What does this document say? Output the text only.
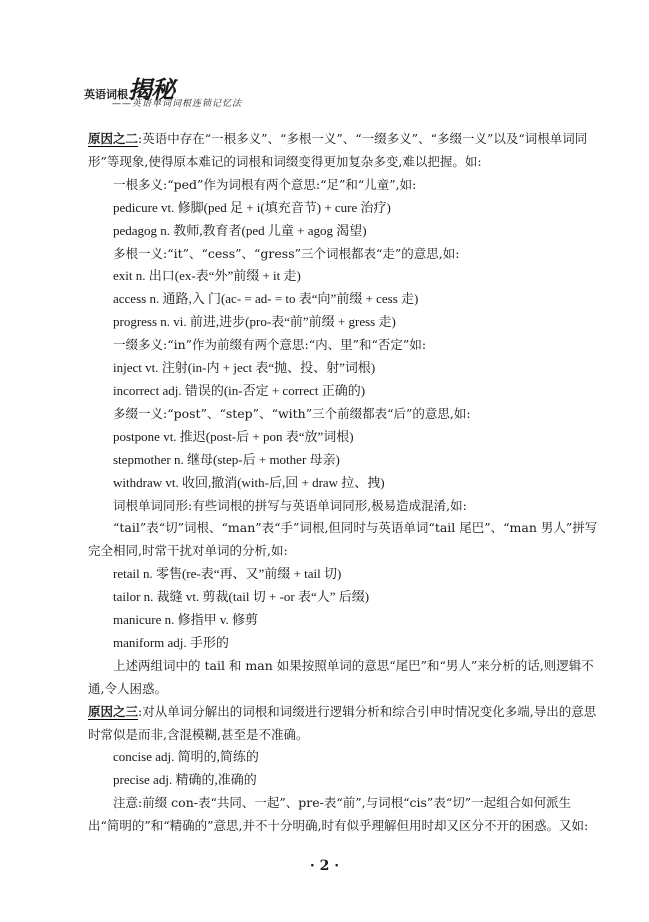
英语词根揭秘
——英语单词词根连锁记忆法

原因之二:英语中存在“一根多义”、“多根一义”、“一缀多义”、“多缀一义”以及“词根单词同形”等现象,使得原本难记的词根和词缀变得更加复杂多变,难以把握。如:

一根多义:“ped”作为词根有两个意思:“足”和“儿童”,如:

pedicure vt. 修脚(ped 足 + i(填充音节) + cure 治疗)

pedagog n. 教师,教育者(ped 儿童 + agog 渴望)

多根一义:“it”、“cess”、“gress”三个词根都表“走”的意思,如:

exit n. 出口(ex-表“外”前缀 + it 走)

access n. 通路,入 门(ac- = ad- = to 表“向”前缀 + cess 走)

progress n. vi. 前进,进步(pro-表“前”前缀 + gress 走)

一缀多义:“in”作为前缀有两个意思:“内、里”和“否定”如:

inject vt. 注射(in-内 + ject 表“抛、投、射”词根)

incorrect adj. 错误的(in-否定 + correct 正确的)

多缀一义:“post”、“step”、“with”三个前缀都表“后”的意思,如:

postpone vt. 推迟(post-后 + pon 表“放”词根)

stepmother n. 继母(step-后 + mother 母亲)

withdraw vt. 收回,撤消(with-后,回 + draw 拉、拽)

词根单词同形:有些词根的拼写与英语单词同形,极易造成混淆,如:

“tail”表“切”词根、“man”表“手”词根,但同时与英语单词“tail 尾巴”、“man 男人”拼写完全相同,时常干扰对单词的分析,如:

retail n. 零售(re-表“再、又”前缀 + tail 切)

tailor n. 裁缝 vt. 剪裁(tail 切 + -or 表“人” 后缀)

manicure n. 修指甲 v. 修剪

maniform adj. 手形的

上述两组词中的 tail 和 man 如果按照单词的意思“尾巴”和“男人”来分析的话,则逻辑不通,令人困惑。

原因之三:对从单词分解出的词根和词缀进行逻辑分析和综合引申时情况变化多端,导出的意思时常似是而非,含混模糊,甚至是不准确。

concise adj. 简明的,简练的

precise adj. 精确的,准确的

注意:前缀 con-表“共同、一起”、pre-表“前”,与词根“cis”表“切”一起组合如何派生出“简明的”和“精确的”意思,并不十分明确,时有似乎理解但用时却又区分不开的困惑。又如:

· 2 ·
